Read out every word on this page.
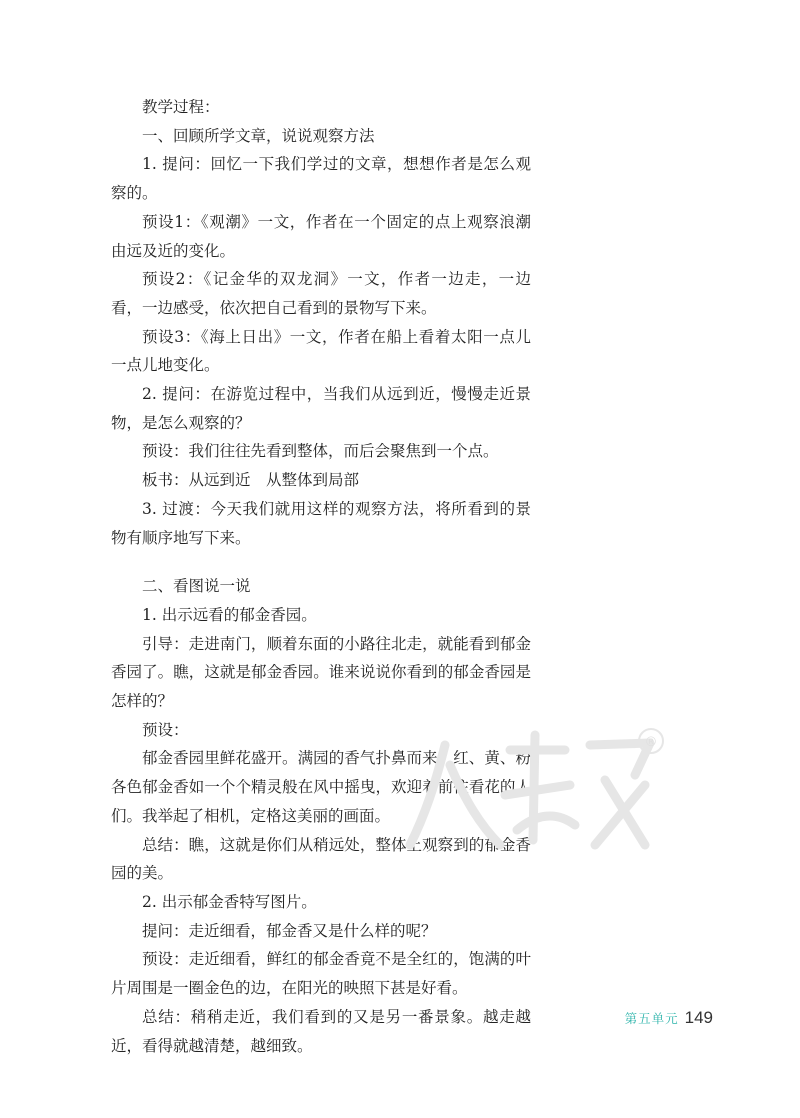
教学过程：

一、回顾所学文章，说说观察方法

1. 提问：回忆一下我们学过的文章，想想作者是怎么观察的。

预设1：《观潮》一文，作者在一个固定的点上观察浪潮由远及近的变化。

预设2：《记金华的双龙洞》一文，作者一边走，一边看，一边感受，依次把自己看到的景物写下来。

预设3：《海上日出》一文，作者在船上看着太阳一点儿一点儿地变化。

2. 提问：在游览过程中，当我们从远到近，慢慢走近景物，是怎么观察的？

预设：我们往往先看到整体，而后会聚焦到一个点。

板书：从远到近　从整体到局部

3. 过渡：今天我们就用这样的观察方法，将所看到的景物有顺序地写下来。

二、看图说一说

1. 出示远看的郁金香园。

引导：走进南门，顺着东面的小路往北走，就能看到郁金香园了。瞧，这就是郁金香园。谁来说说你看到的郁金香园是怎样的？

预设：

郁金香园里鲜花盛开。满园的香气扑鼻而来。红、黄、粉各色郁金香如一个个精灵般在风中摇曳，欢迎着前往看花的人们。我举起了相机，定格这美丽的画面。

总结：瞧，这就是你们从稍远处，整体上观察到的郁金香园的美。

2. 出示郁金香特写图片。

提问：走近细看，郁金香又是什么样的呢？

预设：走近细看，鲜红的郁金香竟不是全红的，饱满的叶片周围是一圈金色的边，在阳光的映照下甚是好看。

总结：稍稍走近，我们看到的又是另一番景象。越走越近，看得就越清楚，越细致。

®
第五单元 149
